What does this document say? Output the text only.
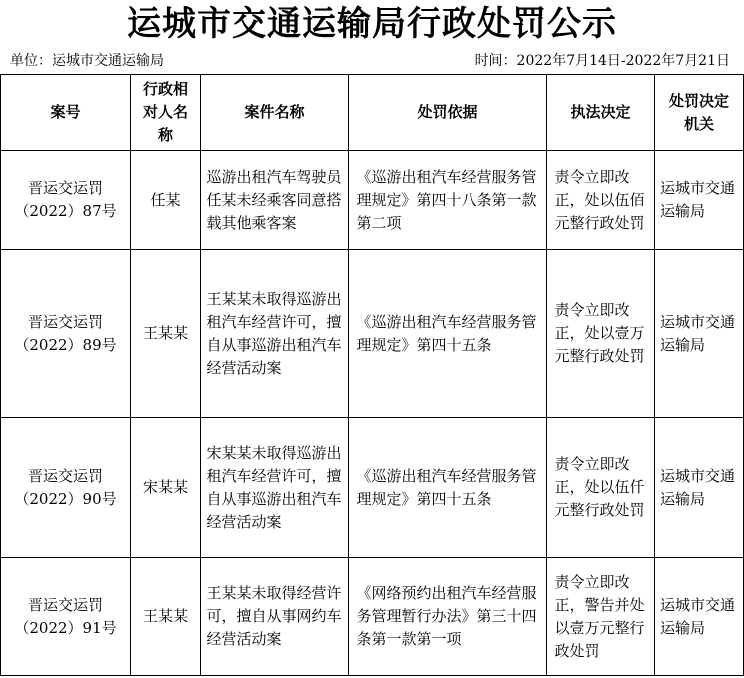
运城市交通运输局行政处罚公示
单位：运城市交通运输局	时间：2022年7月14日-2022年7月21日
案号	行政相对人名称	案件名称	处罚依据	执法决定	处罚决定机关
晋运交运罚（2022）87号	任某	巡游出租汽车驾驶员任某未经乘客同意搭载其他乘客案	《巡游出租汽车经营服务管理规定》第四十八条第一款第二项	责令立即改正，处以伍佰元整行政处罚	运城市交通运输局
晋运交运罚（2022）89号	王某某	王某某未取得巡游出租汽车经营许可，擅自从事巡游出租汽车经营活动案	《巡游出租汽车经营服务管理规定》第四十五条	责令立即改正，处以壹万元整行政处罚	运城市交通运输局
晋运交运罚（2022）90号	宋某某	宋某某未取得巡游出租汽车经营许可，擅自从事巡游出租汽车经营活动案	《巡游出租汽车经营服务管理规定》第四十五条	责令立即改正，处以伍仟元整行政处罚	运城市交通运输局
晋运交运罚（2022）91号	王某某	王某某未取得经营许可，擅自从事网约车经营活动案	《网络预约出租汽车经营服务管理暂行办法》第三十四条第一款第一项	责令立即改正，警告并处以壹万元整行政处罚	运城市交通运输局
